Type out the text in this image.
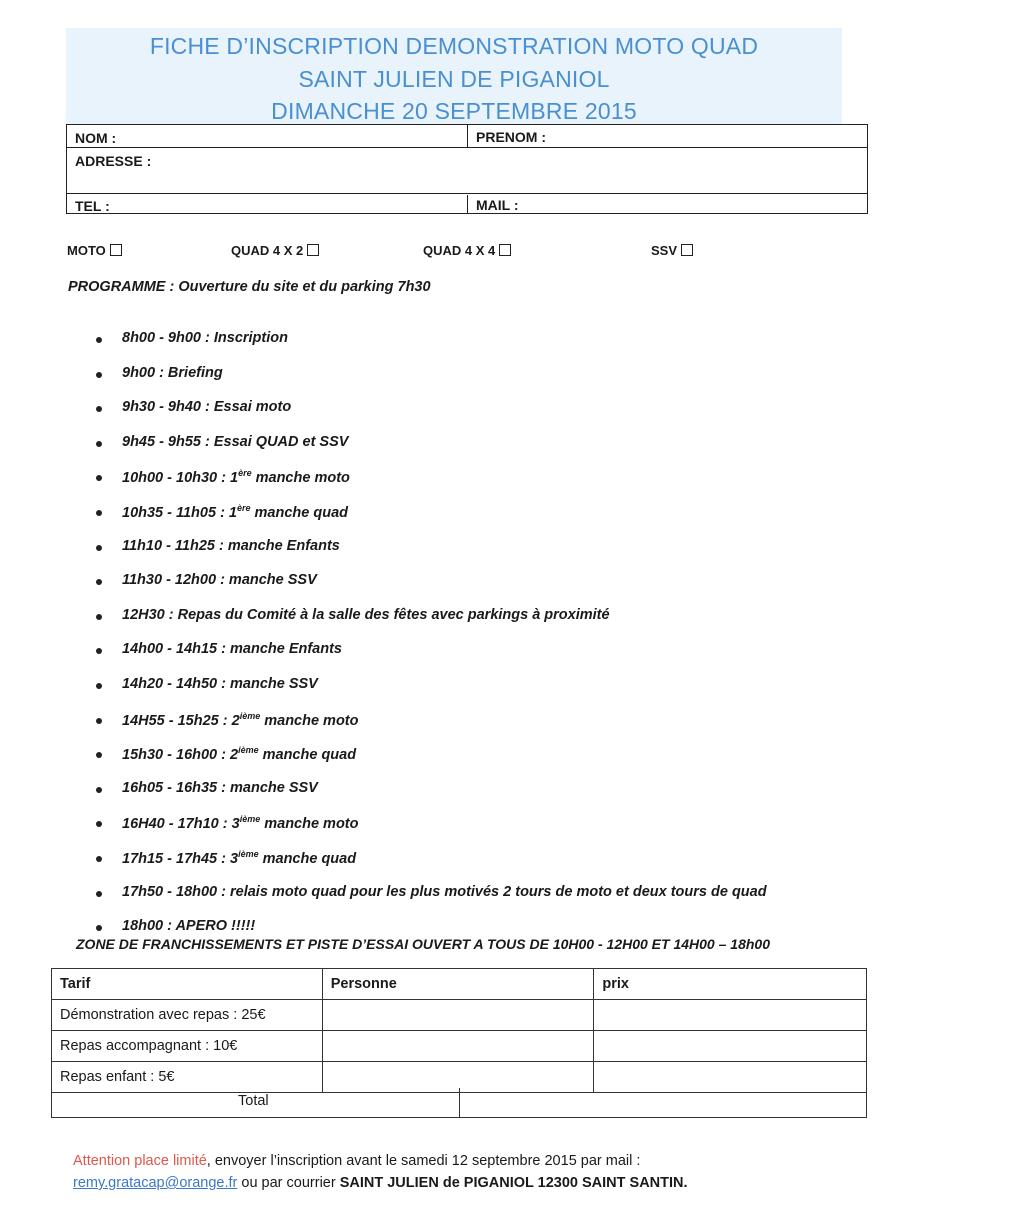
FICHE D’INSCRIPTION DEMONSTRATION MOTO QUAD
SAINT JULIEN DE PIGANIOL
DIMANCHE 20 SEPTEMBRE 2015
NOM :	PRENOM :
ADRESSE :
TEL :	MAIL :
MOTO	QUAD 4 X 2	QUAD 4 X 4	SSV
PROGRAMME : Ouverture du site et du parking 7h30
8h00 - 9h00 : Inscription
9h00 : Briefing
9h30 - 9h40 : Essai moto
9h45 - 9h55 : Essai QUAD et SSV
10h00 - 10h30 : 1ère manche moto
10h35 - 11h05 : 1ère manche quad
11h10 - 11h25 : manche Enfants
11h30 - 12h00 : manche SSV
12H30 : Repas du Comité à la salle des fêtes avec parkings à proximité
14h00 - 14h15 : manche Enfants
14h20 - 14h50 : manche SSV
14H55 - 15h25 : 2ième manche moto
15h30 - 16h00 : 2ième manche quad
16h05 - 16h35 : manche SSV
16H40 - 17h10 : 3ième manche moto
17h15 - 17h45 : 3ième manche quad
17h50 - 18h00 : relais moto quad pour les plus motivés 2 tours de moto et deux tours de quad
18h00 : APERO !!!!!
ZONE DE FRANCHISSEMENTS ET PISTE D’ESSAI OUVERT A TOUS DE 10H00 - 12H00 ET 14H00 – 18h00
Tarif	Personne	prix
Démonstration avec repas : 25€		
Repas accompagnant : 10€		
Repas enfant : 5€		
Total
Attention place limité, envoyer l’inscription avant le samedi 12 septembre 2015 par mail :
remy.gratacap@orange.fr ou par courrier SAINT JULIEN de PIGANIOL 12300 SAINT SANTIN.
